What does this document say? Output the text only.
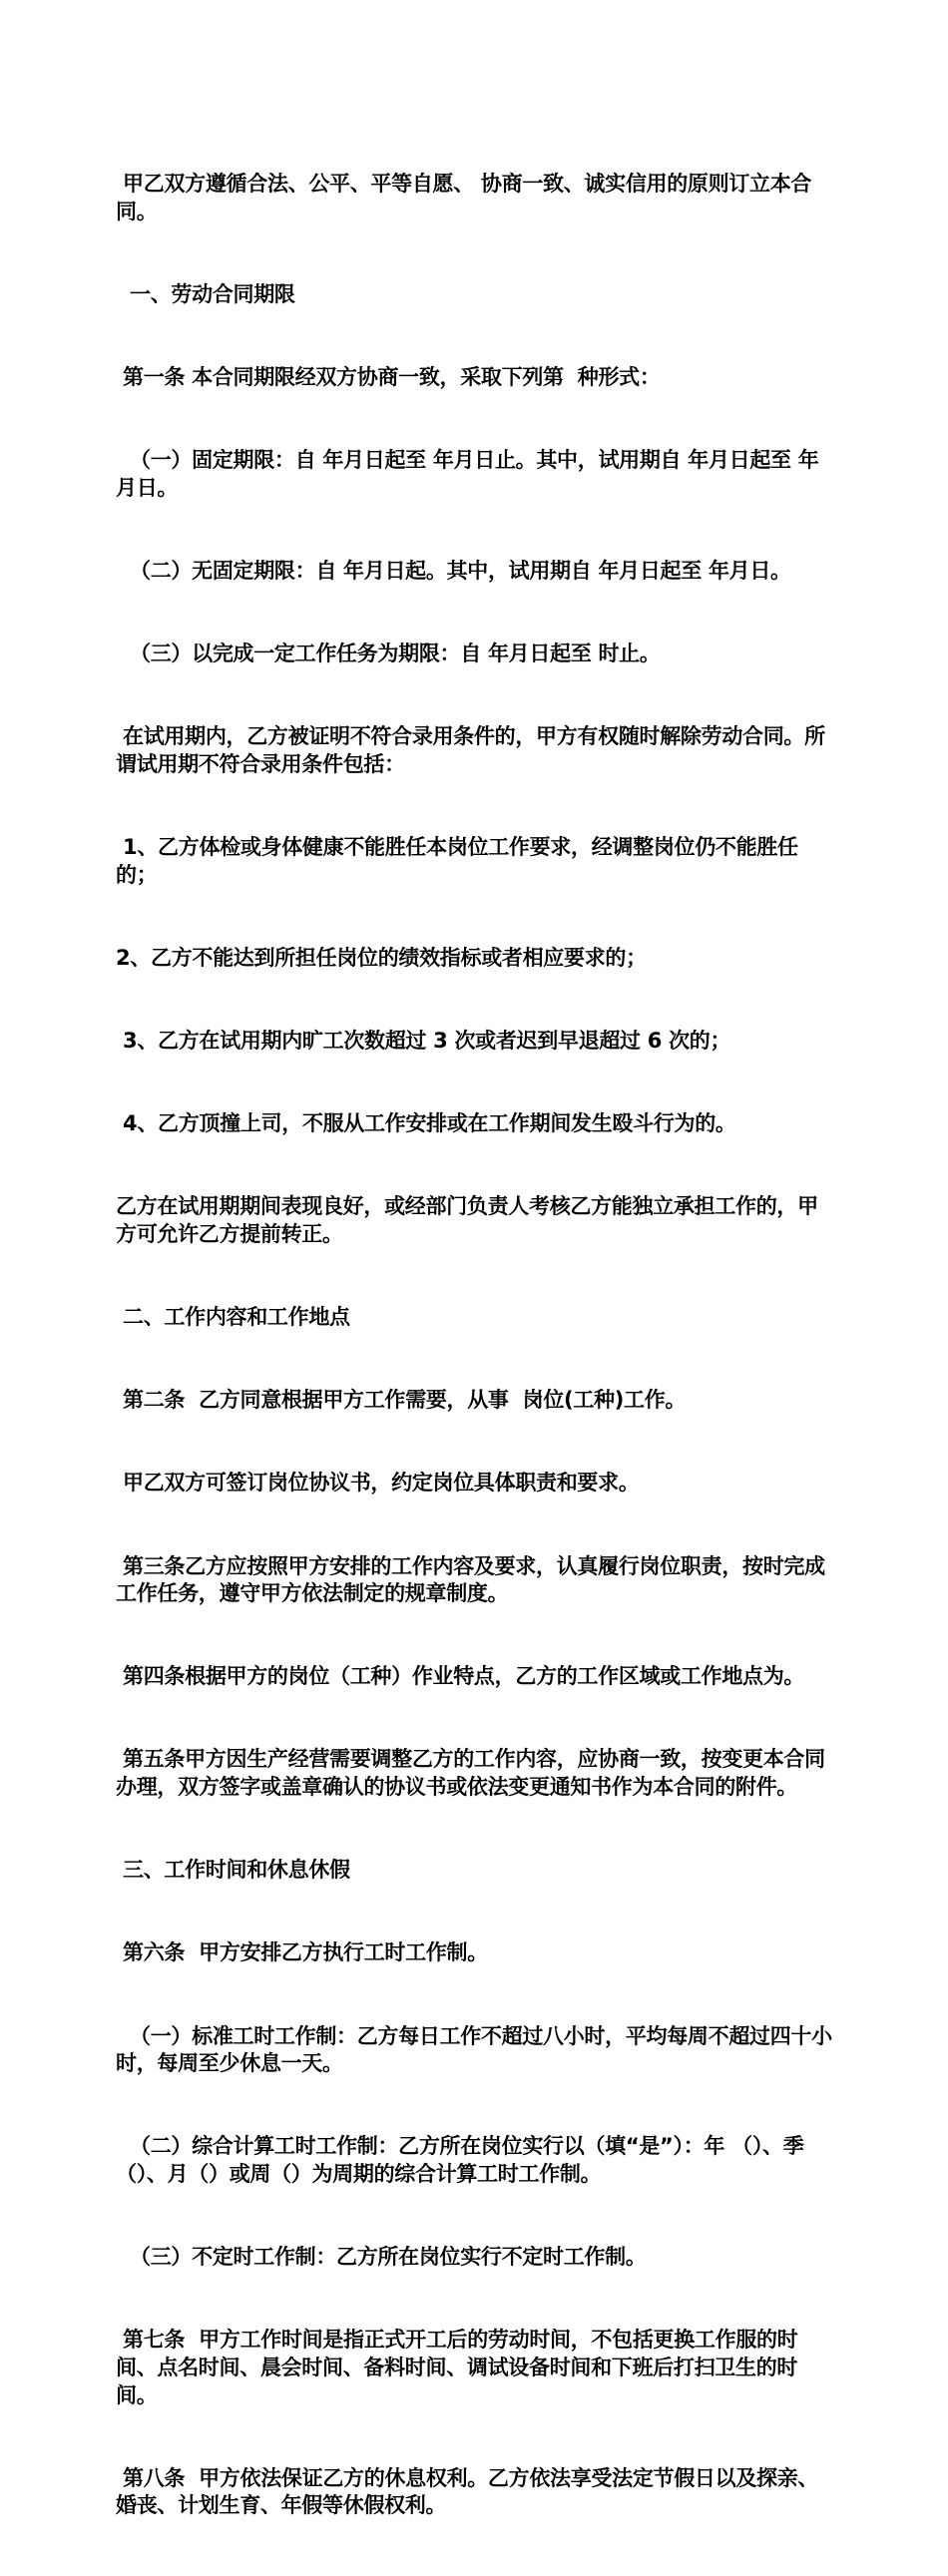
甲乙双方遵循合法、公平、平等自愿、 协商一致、诚实信用的原则订立本合同。

一、劳动合同期限

第一条 本合同期限经双方协商一致，采取下列第  种形式：

（一）固定期限：自 年月日起至 年月日止。其中，试用期自 年月日起至 年月日。

（二）无固定期限：自 年月日起。其中，试用期自 年月日起至 年月日。

（三）以完成一定工作任务为期限：自 年月日起至 时止。

在试用期内，乙方被证明不符合录用条件的，甲方有权随时解除劳动合同。所谓试用期不符合录用条件包括：

1、乙方体检或身体健康不能胜任本岗位工作要求，经调整岗位仍不能胜任的；

2、乙方不能达到所担任岗位的绩效指标或者相应要求的；

3、乙方在试用期内旷工次数超过 3 次或者迟到早退超过 6 次的；

4、乙方顶撞上司，不服从工作安排或在工作期间发生殴斗行为的。

乙方在试用期期间表现良好，或经部门负责人考核乙方能独立承担工作的，甲方可允许乙方提前转正。

二、工作内容和工作地点

第二条  乙方同意根据甲方工作需要，从事  岗位(工种)工作。

甲乙双方可签订岗位协议书，约定岗位具体职责和要求。

第三条乙方应按照甲方安排的工作内容及要求，认真履行岗位职责，按时完成工作任务，遵守甲方依法制定的规章制度。

第四条根据甲方的岗位（工种）作业特点，乙方的工作区域或工作地点为。

第五条甲方因生产经营需要调整乙方的工作内容，应协商一致，按变更本合同办理，双方签字或盖章确认的协议书或依法变更通知书作为本合同的附件。

三、工作时间和休息休假

第六条  甲方安排乙方执行工时工作制。

（一）标准工时工作制：乙方每日工作不超过八小时，平均每周不超过四十小时，每周至少休息一天。

（二）综合计算工时工作制：乙方所在岗位实行以（填“是”）：年 （）、季（）、月（）或周（）为周期的综合计算工时工作制。

（三）不定时工作制：乙方所在岗位实行不定时工作制。

第七条  甲方工作时间是指正式开工后的劳动时间，不包括更换工作服的时间、点名时间、晨会时间、备料时间、调试设备时间和下班后打扫卫生的时间。

第八条  甲方依法保证乙方的休息权利。乙方依法享受法定节假日以及探亲、婚丧、计划生育、年假等休假权利。
